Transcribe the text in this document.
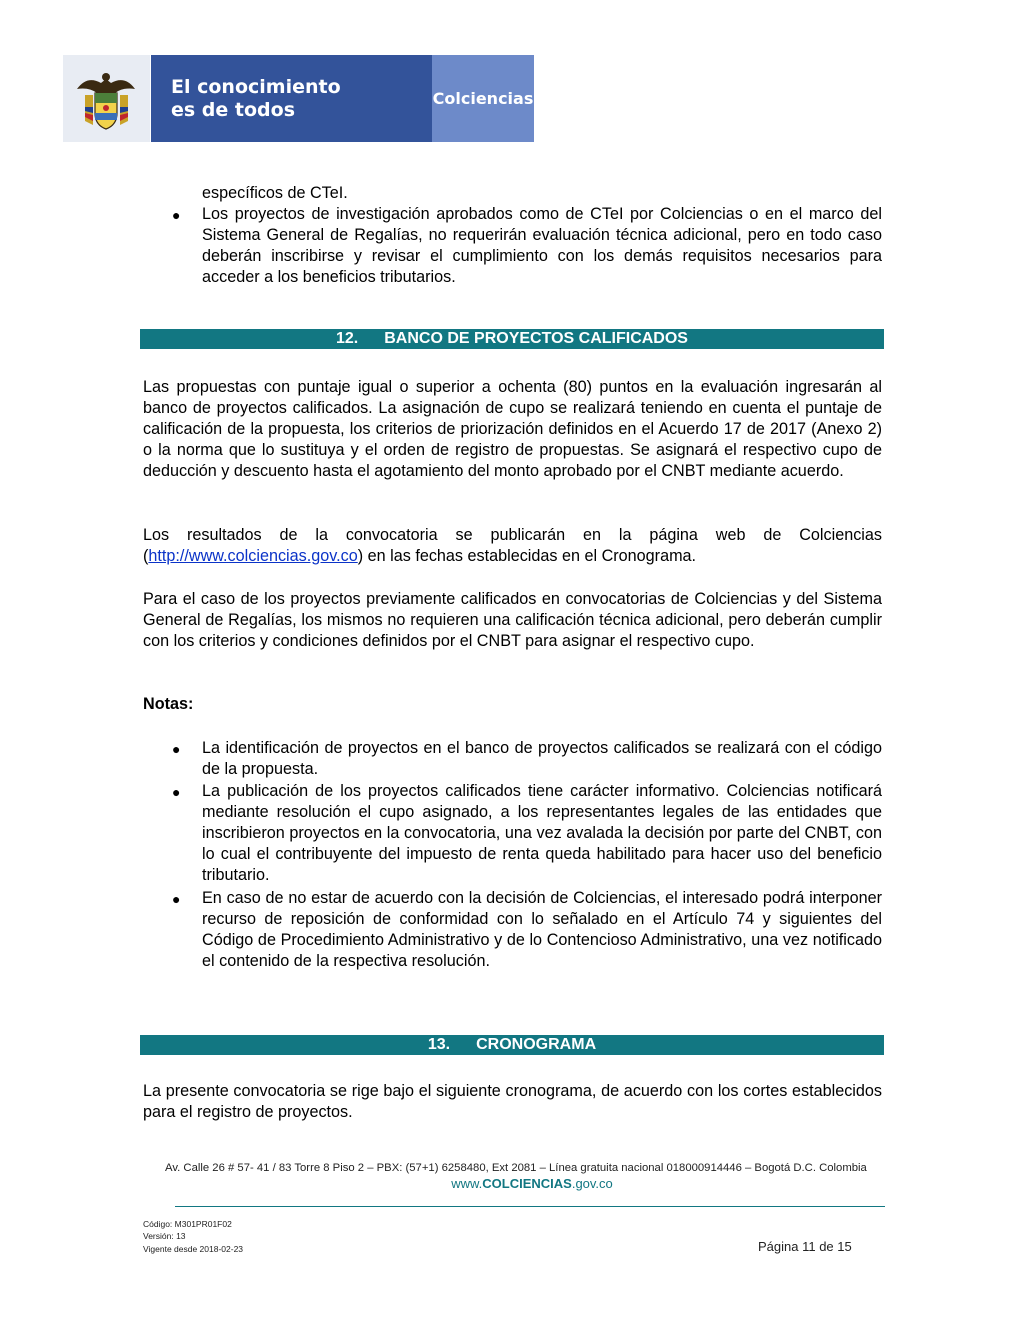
El conocimiento
es de todos
Colciencias
específicos de CTeI.
● Los proyectos de investigación aprobados como de CTeI por Colciencias o en el marco del Sistema General de Regalías, no requerirán evaluación técnica adicional, pero en todo caso deberán inscribirse y revisar el cumplimiento con los demás requisitos necesarios para acceder a los beneficios tributarios.
12. BANCO DE PROYECTOS CALIFICADOS
Las propuestas con puntaje igual o superior a ochenta (80) puntos en la evaluación ingresarán al banco de proyectos calificados. La asignación de cupo se realizará teniendo en cuenta el puntaje de calificación de la propuesta, los criterios de priorización definidos en el Acuerdo 17 de 2017 (Anexo 2) o la norma que lo sustituya y el orden de registro de propuestas. Se asignará el respectivo cupo de deducción y descuento hasta el agotamiento del monto aprobado por el CNBT mediante acuerdo.
Los resultados de la convocatoria se publicarán en la página web de Colciencias
(http://www.colciencias.gov.co) en las fechas establecidas en el Cronograma.
Para el caso de los proyectos previamente calificados en convocatorias de Colciencias y del Sistema General de Regalías, los mismos no requieren una calificación técnica adicional, pero deberán cumplir con los criterios y condiciones definidos por el CNBT para asignar el respectivo cupo.
Notas:
● La identificación de proyectos en el banco de proyectos calificados se realizará con el código de la propuesta.
● La publicación de los proyectos calificados tiene carácter informativo. Colciencias notificará mediante resolución el cupo asignado, a los representantes legales de las entidades que inscribieron proyectos en la convocatoria, una vez avalada la decisión por parte del CNBT, con lo cual el contribuyente del impuesto de renta queda habilitado para hacer uso del beneficio tributario.
● En caso de no estar de acuerdo con la decisión de Colciencias, el interesado podrá interponer recurso de reposición de conformidad con lo señalado en el Artículo 74 y siguientes del Código de Procedimiento Administrativo y de lo Contencioso Administrativo, una vez notificado el contenido de la respectiva resolución.
13. CRONOGRAMA
La presente convocatoria se rige bajo el siguiente cronograma, de acuerdo con los cortes establecidos para el registro de proyectos.
Av. Calle 26 # 57- 41 / 83 Torre 8 Piso 2 – PBX: (57+1) 6258480, Ext 2081 – Línea gratuita nacional 018000914446 – Bogotá D.C. Colombia
www.COLCIENCIAS.gov.co
Código: M301PR01F02
Versión: 13
Vigente desde 2018-02-23	Página 11 de 15
